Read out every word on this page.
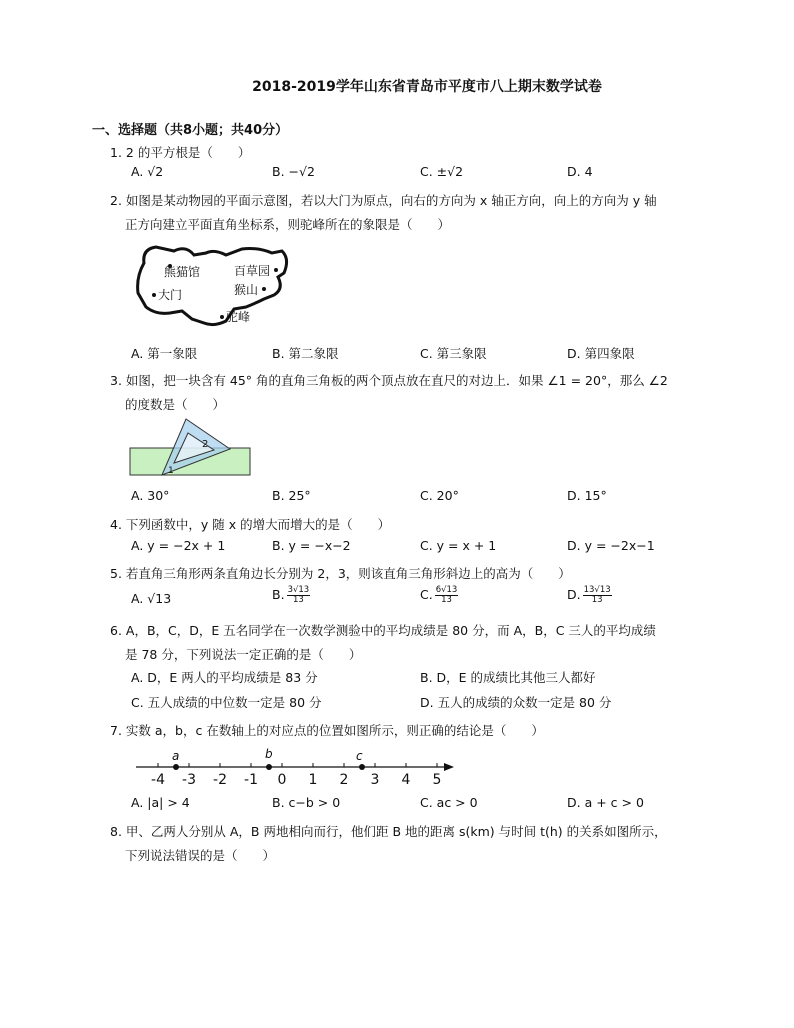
2018-2019学年山东省青岛市平度市八上期末数学试卷
一、选择题（共8小题；共40分）
1. 2 的平方根是（　　）
A. √2	B. −√2	C. ±√2	D. 4
2. 如图是某动物园的平面示意图，若以大门为原点，向右的方向为 x 轴正方向，向上的方向为 y 轴
正方向建立平面直角坐标系，则驼峰所在的象限是（　　）
熊猫馆	百草园
大门	猴山
驼峰
A. 第一象限	B. 第二象限	C. 第三象限	D. 第四象限
3. 如图，把一块含有 45° 角的直角三角板的两个顶点放在直尺的对边上．如果 ∠1 = 20°，那么 ∠2
的度数是（　　）
2
1
A. 30°	B. 25°	C. 20°	D. 15°
4. 下列函数中，y 随 x 的增大而增大的是（　　）
A. y = −2x + 1	B. y = −x−2	C. y = x + 1	D. y = −2x−1
5. 若直角三角形两条直角边长分别为 2，3，则该直角三角形斜边上的高为（　　）
A. √13	B. $\frac{3√13}{13}$	C. $\frac{6√13}{13}$	D. $\frac{13√13}{13}$
6. A，B，C，D，E 五名同学在一次数学测验中的平均成绩是 80 分，而 A，B，C 三人的平均成绩
是 78 分，下列说法一定正确的是（　　）
A. D，E 两人的平均成绩是 83 分	B. D，E 的成绩比其他三人都好
C. 五人成绩的中位数一定是 80 分	D. 五人的成绩的众数一定是 80 分
7. 实数 a，b，c 在数轴上的对应点的位置如图所示，则正确的结论是（　　）
-4 -3 -2 -1 0 1 2 3 4 5
a	b	c
A. |a| > 4	B. c−b > 0	C. ac > 0	D. a + c > 0
8. 甲、乙两人分别从 A，B 两地相向而行，他们距 B 地的距离 s(km) 与时间 t(h) 的关系如图所示，
下列说法错误的是（　　）
